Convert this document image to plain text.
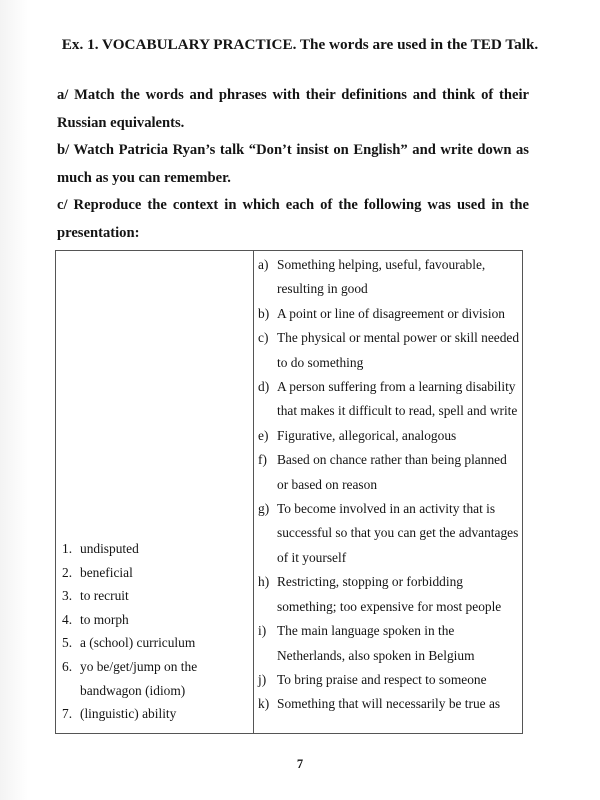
Ex. 1. VOCABULARY PRACTICE. The words are used in the TED Talk.

a/ Match the words and phrases with their definitions and think of their Russian equivalents.

b/ Watch Patricia Ryan’s talk “Don’t insist on English” and write down as much as you can remember.

c/ Reproduce the context in which each of the following was used in the presentation:

1. undisputed
2. beneficial
3. to recruit
4. to morph
5. a (school) curriculum
6. yo be/get/jump on the bandwagon (idiom)
7. (linguistic) ability
a) Something helping, useful, favourable, resulting in good
b) A point or line of disagreement or division
c) The physical or mental power or skill needed to do something
d) A person suffering from a learning disability that makes it difficult to read, spell and write
e) Figurative, allegorical, analogous
f) Based on chance rather than being planned or based on reason
g) To become involved in an activity that is successful so that you can get the advantages of it yourself
h) Restricting, stopping or forbidding something; too expensive for most people
i) The main language spoken in the Netherlands, also spoken in Belgium
j) To bring praise and respect to someone
k) Something that will necessarily be true as
7
